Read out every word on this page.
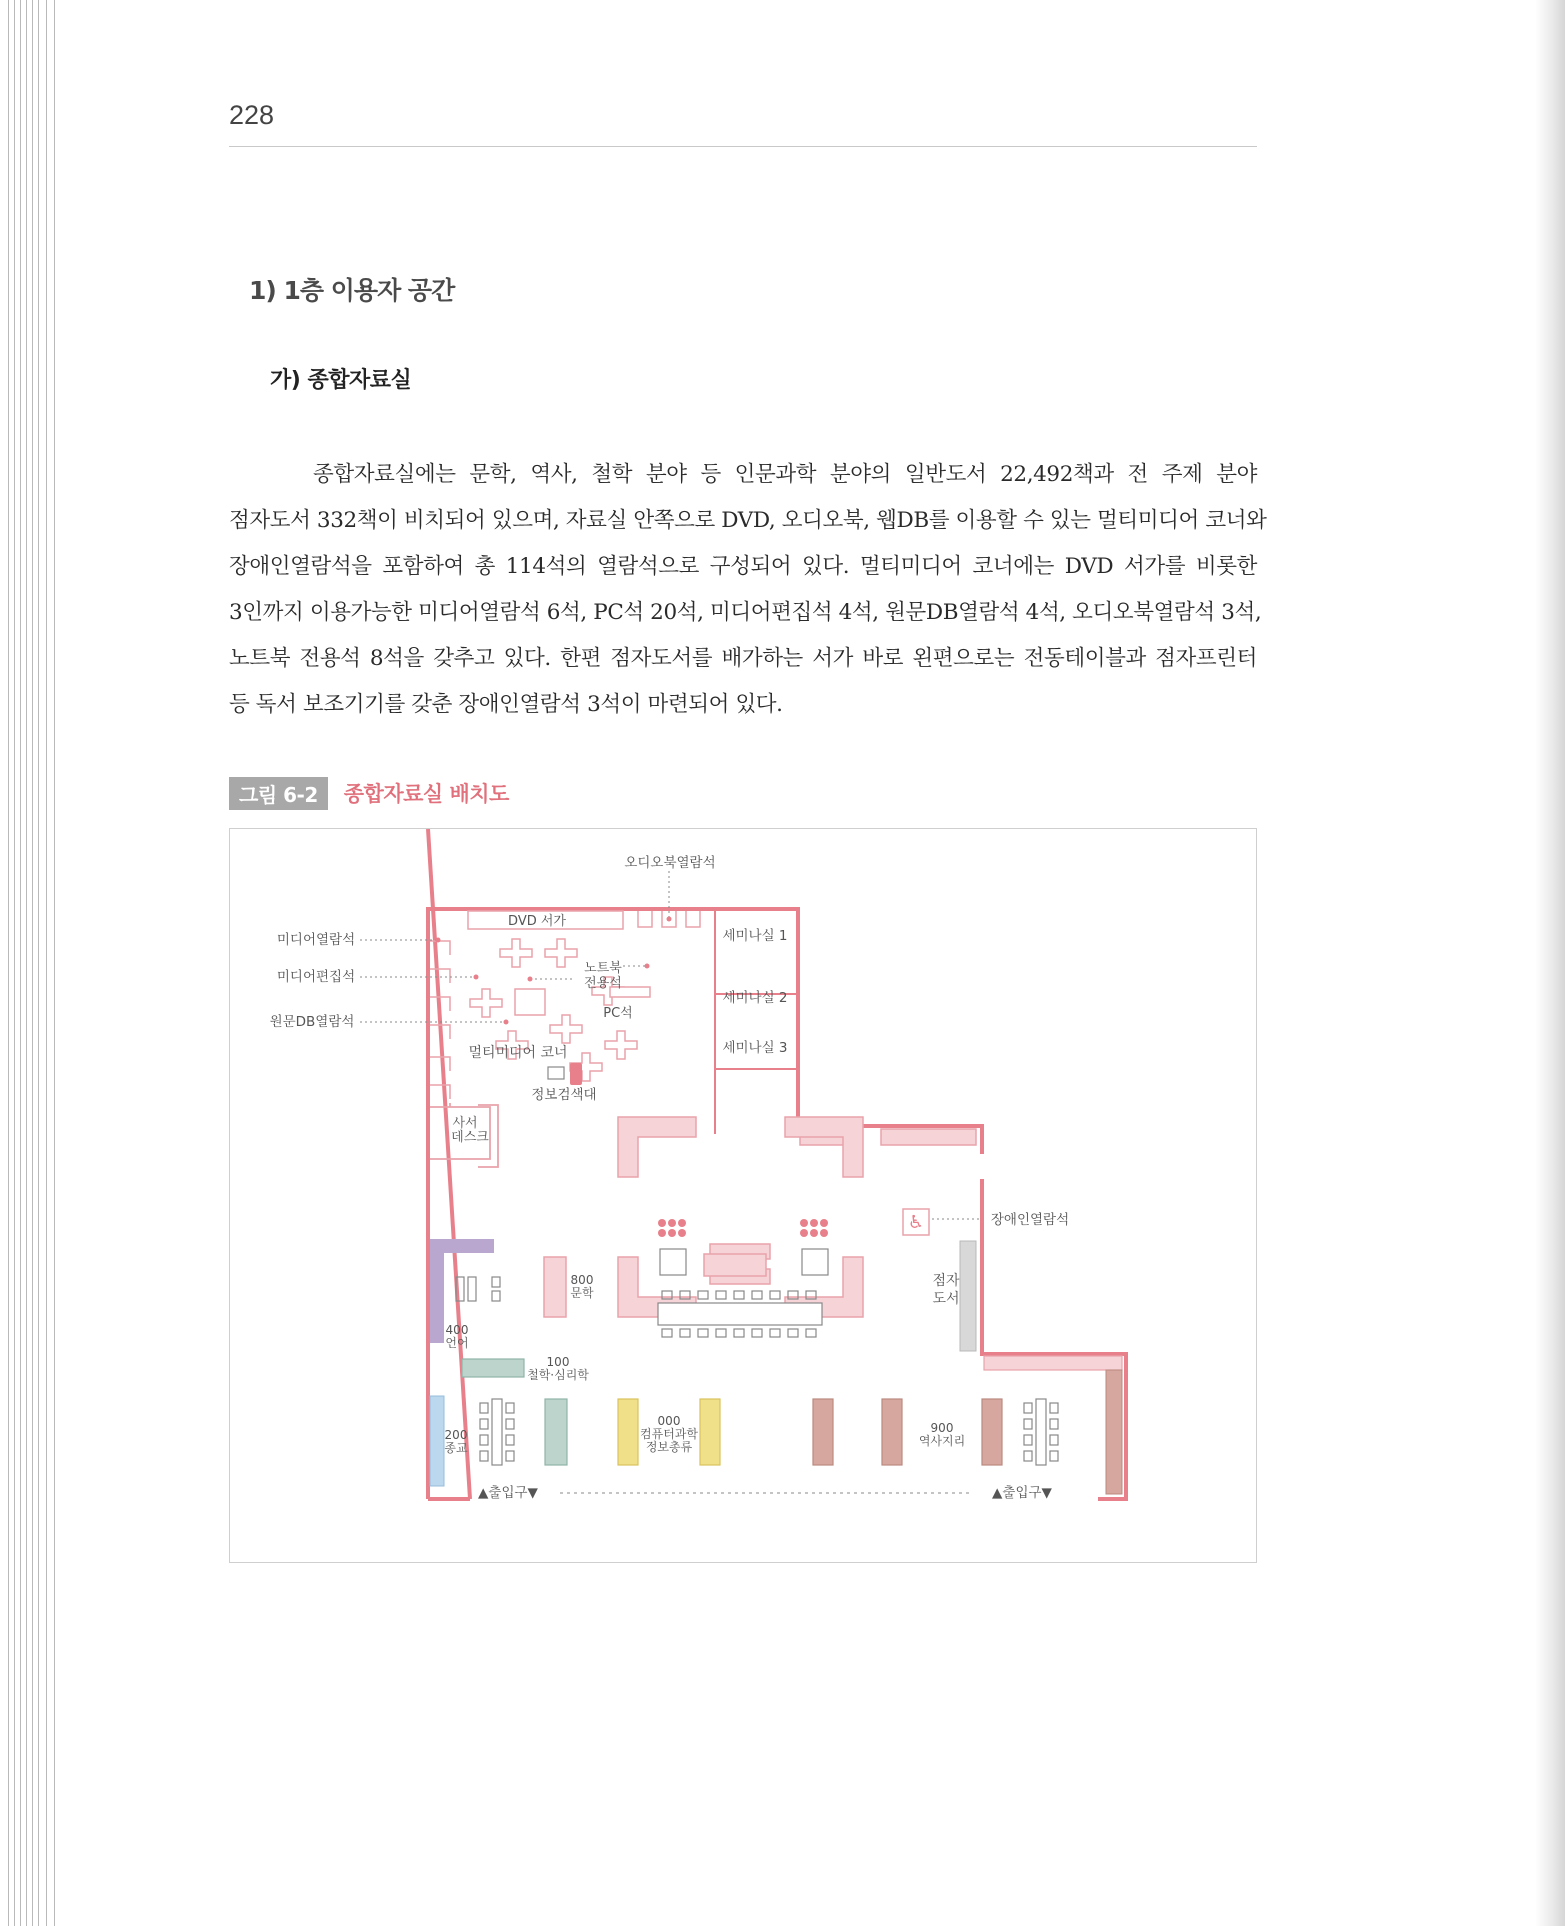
228
1) 1층 이용자 공간
가) 종합자료실
종합자료실에는 문학, 역사, 철학 분야 등 인문과학 분야의 일반도서 22,492책과 전 주제 분야
점자도서 332책이 비치되어 있으며, 자료실 안쪽으로 DVD, 오디오북, 웹DB를 이용할 수 있는 멀티미디어 코너와
장애인열람석을 포함하여 총 114석의 열람석으로 구성되어 있다. 멀티미디어 코너에는 DVD 서가를 비롯한
3인까지 이용가능한 미디어열람석 6석, PC석 20석, 미디어편집석 4석, 원문DB열람석 4석, 오디오북열람석 3석,
노트북 전용석 8석을 갖추고 있다. 한편 점자도서를 배가하는 서가 바로 왼편으로는 전동테이블과 점자프린터
등 독서 보조기기를 갖춘 장애인열람석 3석이 마련되어 있다.
그림 6-2	종합자료실 배치도
DVD 서가
오디오북열람석
미디어열람석
미디어편집석
원문DB열람석
노트북
전용석
PC석
멀티미디어 코너
세미나실 1
세미나실 2
세미나실 3
정보검색대
사서
데스크
♿	장애인열람석
점자
도서
400
언어
800
문학
100
철학·심리학
200
종교
000
컴퓨터과학
정보총류
900
역사지리
▲출입구▼	▲출입구▼
